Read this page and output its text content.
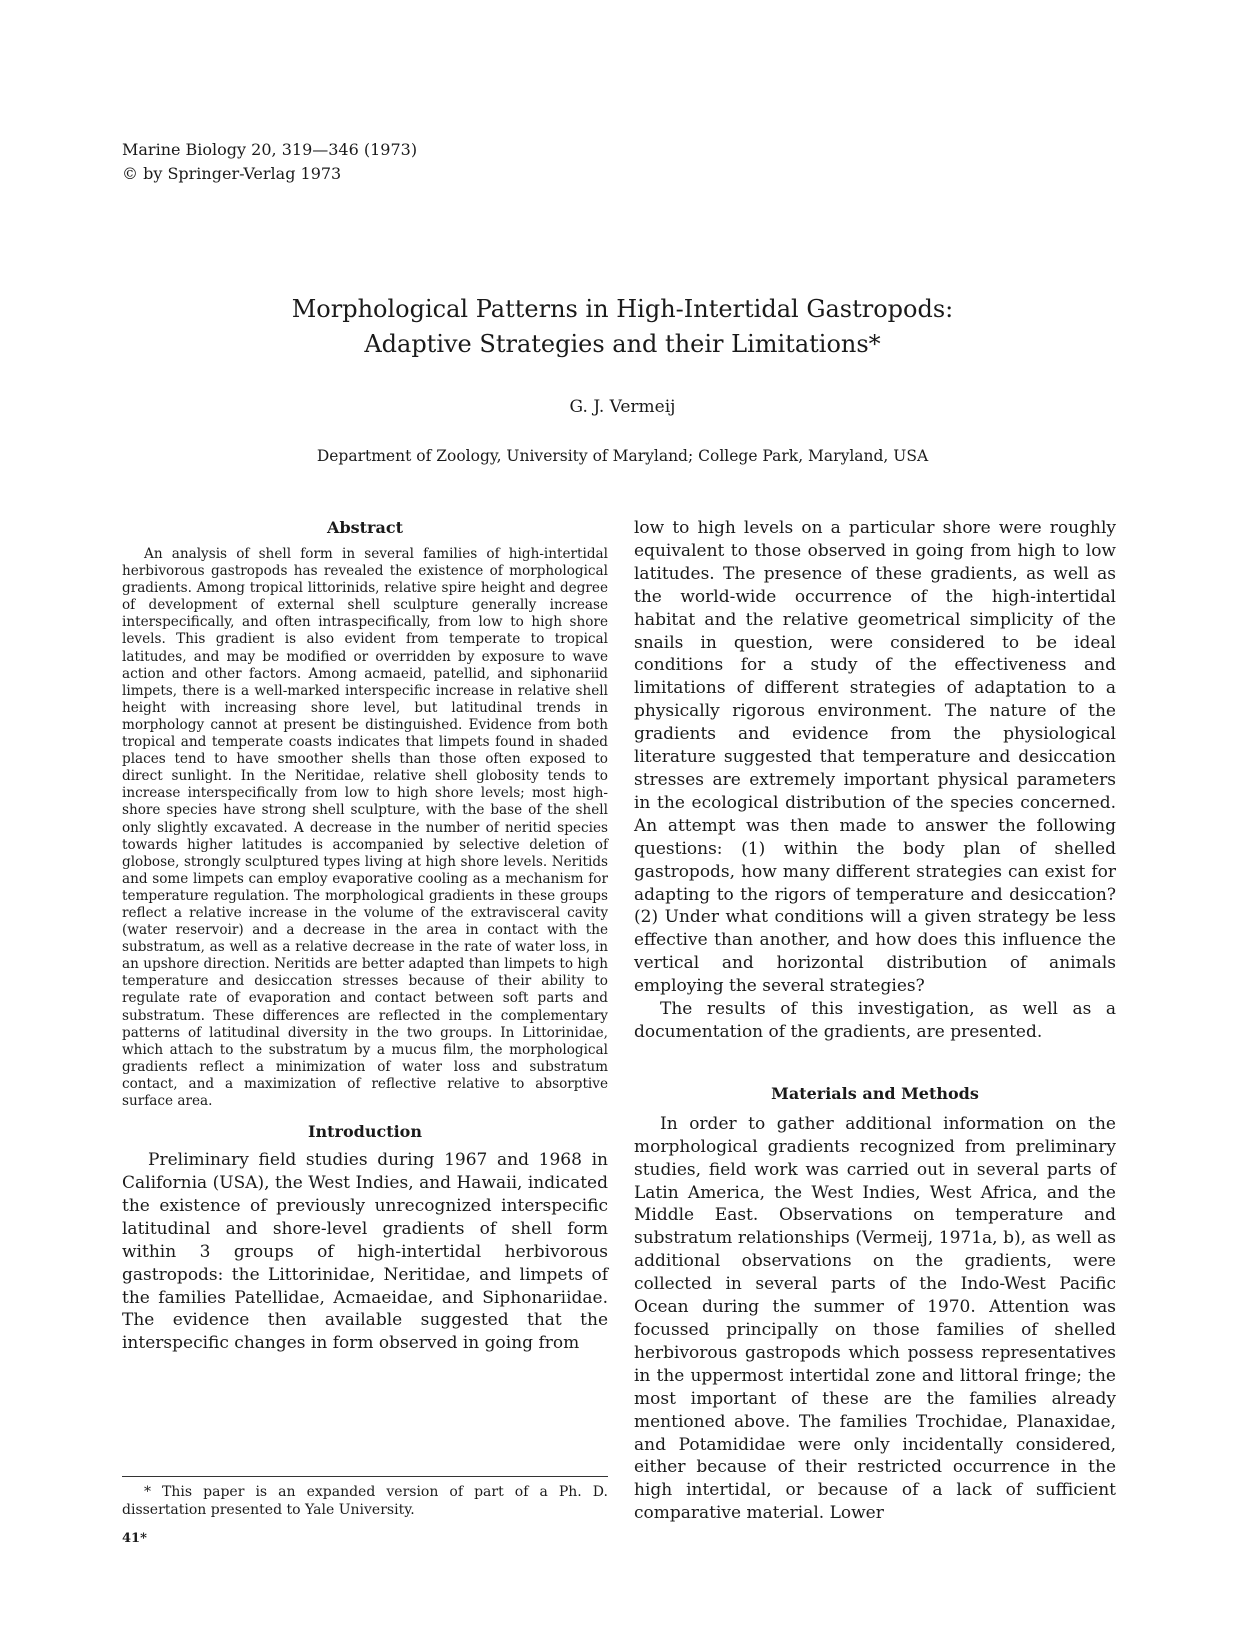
Marine Biology 20, 319—346 (1973)
© by Springer-Verlag 1973
Morphological Patterns in High-Intertidal Gastropods:
Adaptive Strategies and their Limitations*
G. J. Vermeij
Department of Zoology, University of Maryland; College Park, Maryland, USA
Abstract

An analysis of shell form in several families of high-intertidal herbivorous gastropods has revealed the existence of morphological gradients. Among tropical littorinids, relative spire height and degree of development of external shell sculpture generally increase interspecifically, and often intraspecifically, from low to high shore levels. This gradient is also evident from temperate to tropical latitudes, and may be modified or overridden by exposure to wave action and other factors. Among acmaeid, patellid, and siphonariid limpets, there is a well-marked interspecific increase in relative shell height with increasing shore level, but latitudinal trends in morphology cannot at present be distinguished. Evidence from both tropical and temperate coasts indicates that limpets found in shaded places tend to have smoother shells than those often exposed to direct sunlight. In the Neritidae, relative shell globosity tends to increase interspecifically from low to high shore levels; most high-shore species have strong shell sculpture, with the base of the shell only slightly excavated. A decrease in the number of neritid species towards higher latitudes is accompanied by selective deletion of globose, strongly sculptured types living at high shore levels. Neritids and some limpets can employ evaporative cooling as a mechanism for temperature regulation. The morphological gradients in these groups reflect a relative increase in the volume of the extravisceral cavity (water reservoir) and a decrease in the area in contact with the substratum, as well as a relative decrease in the rate of water loss, in an upshore direction. Neritids are better adapted than limpets to high temperature and desiccation stresses because of their ability to regulate rate of evaporation and contact between soft parts and substratum. These differences are reflected in the complementary patterns of latitudinal diversity in the two groups. In Littorinidae, which attach to the substratum by a mucus film, the morphological gradients reflect a minimization of water loss and substratum contact, and a maximization of reflective relative to absorptive surface area.

Introduction

Preliminary field studies during 1967 and 1968 in California (USA), the West Indies, and Hawaii, indicated the existence of previously unrecognized interspecific latitudinal and shore-level gradients of shell form within 3 groups of high-intertidal herbivorous gastropods: the Littorinidae, Neritidae, and limpets of the families Patellidae, Acmaeidae, and Siphonariidae. The evidence then available suggested that the interspecific changes in form observed in going from

low to high levels on a particular shore were roughly equivalent to those observed in going from high to low latitudes. The presence of these gradients, as well as the world-wide occurrence of the high-intertidal habitat and the relative geometrical simplicity of the snails in question, were considered to be ideal conditions for a study of the effectiveness and limitations of different strategies of adaptation to a physically rigorous environment. The nature of the gradients and evidence from the physiological literature suggested that temperature and desiccation stresses are extremely important physical parameters in the ecological distribution of the species concerned. An attempt was then made to answer the following questions: (1) within the body plan of shelled gastropods, how many different strategies can exist for adapting to the rigors of temperature and desiccation? (2) Under what conditions will a given strategy be less effective than another, and how does this influence the vertical and horizontal distribution of animals employing the several strategies?

The results of this investigation, as well as a documentation of the gradients, are presented.

Materials and Methods

In order to gather additional information on the morphological gradients recognized from preliminary studies, field work was carried out in several parts of Latin America, the West Indies, West Africa, and the Middle East. Observations on temperature and substratum relationships (Vermeij, 1971a, b), as well as additional observations on the gradients, were collected in several parts of the Indo-West Pacific Ocean during the summer of 1970. Attention was focussed principally on those families of shelled herbivorous gastropods which possess representatives in the uppermost intertidal zone and littoral fringe; the most important of these are the families already mentioned above. The families Trochidae, Planaxidae, and Potamididae were only incidentally considered, either because of their restricted occurrence in the high intertidal, or because of a lack of sufficient comparative material. Lower

* This paper is an expanded version of part of a Ph. D. dissertation presented to Yale University.

41*
